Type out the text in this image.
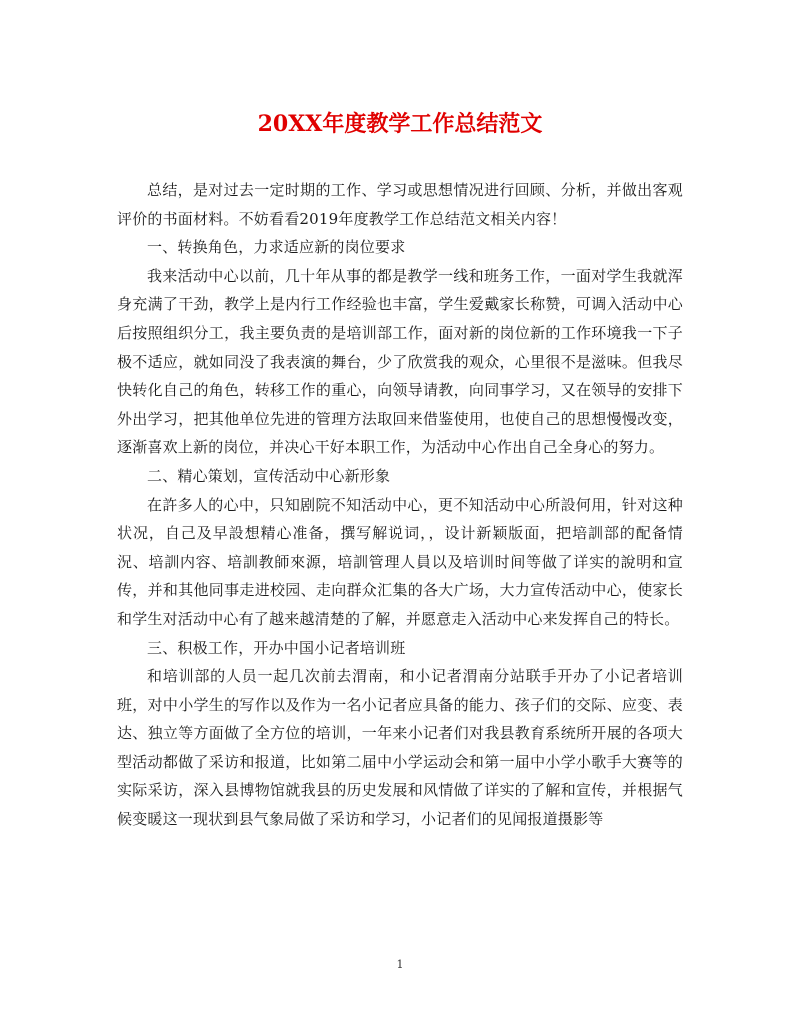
20XX年度教学工作总结范文

总结，是对过去一定时期的工作、学习或思想情况进行回顾、分析，并做出客观评价的书面材料。不妨看看2019年度教学工作总结范文相关内容！

一、转换角色，力求适应新的岗位要求

我来活动中心以前，几十年从事的都是教学一线和班务工作，一面对学生我就浑身充满了干劲，教学上是内行工作经验也丰富，学生爱戴家长称赞，可调入活动中心后按照组织分工，我主要负责的是培训部工作，面对新的岗位新的工作环境我一下子极不适应，就如同没了我表演的舞台，少了欣赏我的观众，心里很不是滋味。但我尽快转化自己的角色，转移工作的重心，向领导请教，向同事学习，又在领导的安排下外出学习，把其他单位先进的管理方法取回来借鉴使用，也使自己的思想慢慢改变，逐渐喜欢上新的岗位，并决心干好本职工作，为活动中心作出自己全身心的努力。

二、精心策划，宣传活动中心新形象

在許多人的心中，只知剧院不知活动中心，更不知活动中心所設何用，针对这种状况，自己及早設想精心准备，撰写解说词，，设计新颖版面，把培訓部的配备情況、培訓内容、培訓教師來源，培訓管理人員以及培训时间等做了详实的說明和宣传，并和其他同事走进校园、走向群众汇集的各大广场，大力宣传活动中心，使家长和学生对活动中心有了越来越清楚的了解，并愿意走入活动中心来发挥自己的特长。

三、积极工作，开办中国小记者培训班

和培训部的人员一起几次前去渭南，和小记者渭南分站联手开办了小记者培训班，对中小学生的写作以及作为一名小记者应具备的能力、孩子们的交际、应变、表达、独立等方面做了全方位的培训，一年来小记者们对我县教育系统所开展的各项大型活动都做了采访和报道，比如第二届中小学运动会和第一届中小学小歌手大赛等的实际采访，深入县博物馆就我县的历史发展和风情做了详实的了解和宣传，并根据气候变暖这一现状到县气象局做了采访和学习，小记者们的见闻报道摄影等

1
